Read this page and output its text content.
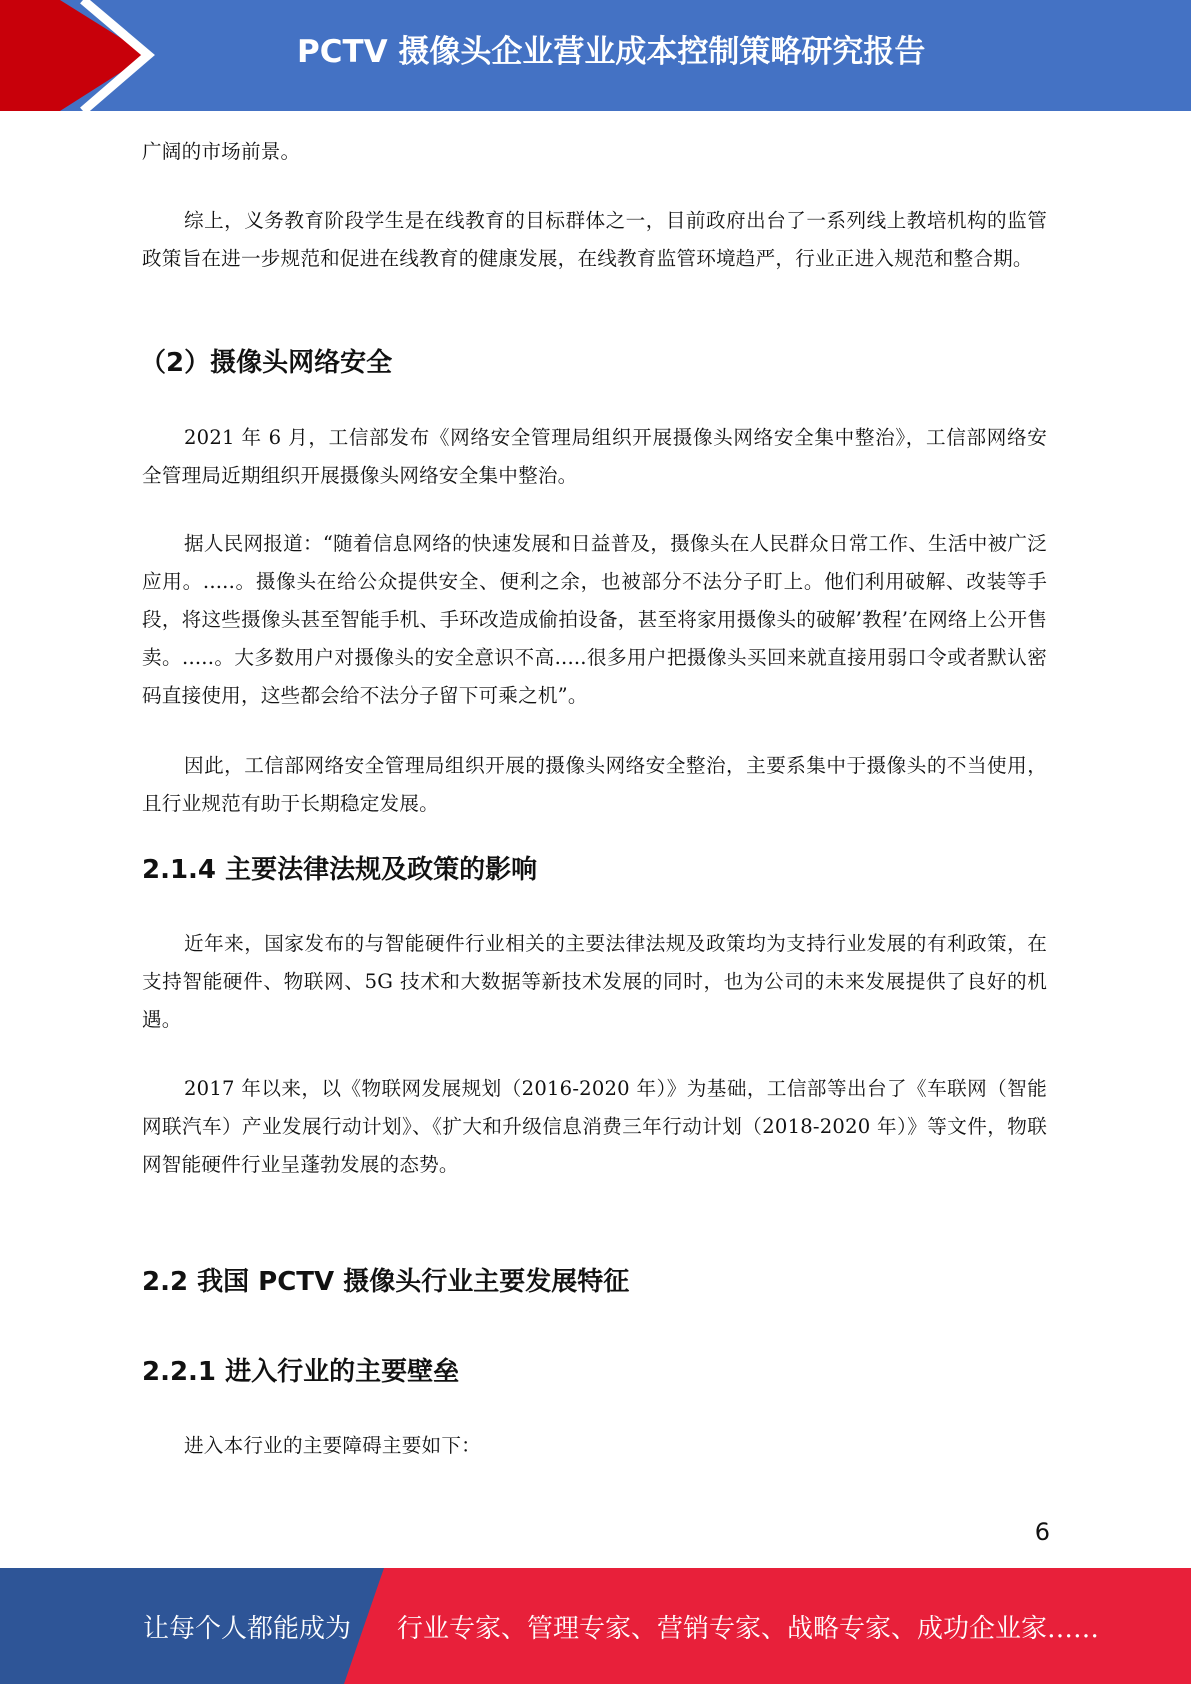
PCTV 摄像头企业营业成本控制策略研究报告

广阔的市场前景。

综上，义务教育阶段学生是在线教育的目标群体之一，目前政府出台了一系列线上教培机构的监管政策旨在进一步规范和促进在线教育的健康发展，在线教育监管环境趋严，行业正进入规范和整合期。

（2）摄像头网络安全

2021 年 6 月，工信部发布《网络安全管理局组织开展摄像头网络安全集中整治》，工信部网络安全管理局近期组织开展摄像头网络安全集中整治。

据人民网报道：“随着信息网络的快速发展和日益普及，摄像头在人民群众日常工作、生活中被广泛应用。.....。摄像头在给公众提供安全、便利之余，也被部分不法分子盯上。他们利用破解、改装等手段，将这些摄像头甚至智能手机、手环改造成偷拍设备，甚至将家用摄像头的破解’教程’在网络上公开售卖。.....。大多数用户对摄像头的安全意识不高.....很多用户把摄像头买回来就直接用弱口令或者默认密码直接使用，这些都会给不法分子留下可乘之机”。

因此，工信部网络安全管理局组织开展的摄像头网络安全整治，主要系集中于摄像头的不当使用，且行业规范有助于长期稳定发展。

2.1.4 主要法律法规及政策的影响

近年来，国家发布的与智能硬件行业相关的主要法律法规及政策均为支持行业发展的有利政策，在支持智能硬件、物联网、5G 技术和大数据等新技术发展的同时，也为公司的未来发展提供了良好的机遇。

2017 年以来，以《物联网发展规划（2016-2020 年）》为基础，工信部等出台了《车联网（智能网联汽车）产业发展行动计划》、《扩大和升级信息消费三年行动计划（2018-2020 年）》等文件，物联网智能硬件行业呈蓬勃发展的态势。

2.2 我国 PCTV 摄像头行业主要发展特征
2.2.1 进入行业的主要壁垒

进入本行业的主要障碍主要如下：

6
让每个人都能成为 行业专家、管理专家、营销专家、战略专家、成功企业家……
